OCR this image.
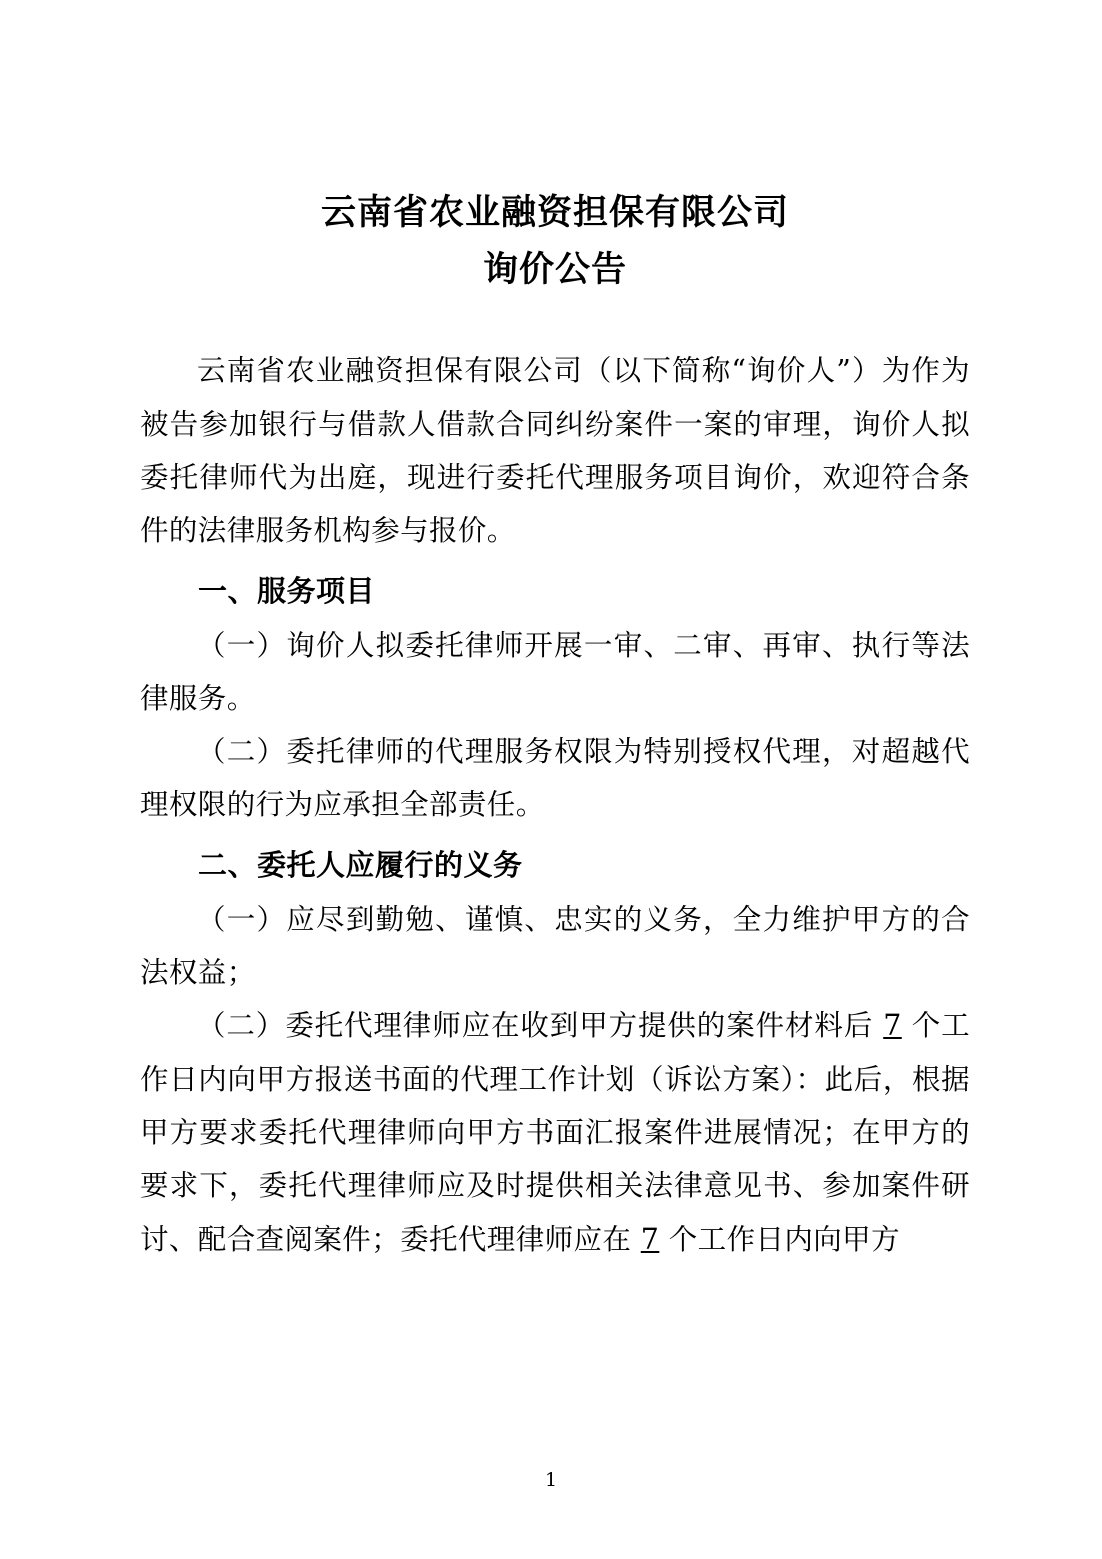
云南省农业融资担保有限公司
询价公告

云南省农业融资担保有限公司（以下简称“询价人”）为作为被告参加银行与借款人借款合同纠纷案件一案的审理，询价人拟委托律师代为出庭，现进行委托代理服务项目询价，欢迎符合条件的法律服务机构参与报价。

一、服务项目

（一）询价人拟委托律师开展一审、二审、再审、执行等法律服务。

（二）委托律师的代理服务权限为特别授权代理，对超越代理权限的行为应承担全部责任。

二、委托人应履行的义务

（一）应尽到勤勉、谨慎、忠实的义务，全力维护甲方的合法权益；

（二）委托代理律师应在收到甲方提供的案件材料后 7 个工作日内向甲方报送书面的代理工作计划（诉讼方案）：此后，根据甲方要求委托代理律师向甲方书面汇报案件进展情况；在甲方的要求下，委托代理律师应及时提供相关法律意见书、参加案件研讨、配合查阅案件；委托代理律师应在 7 个工作日内向甲方

1
